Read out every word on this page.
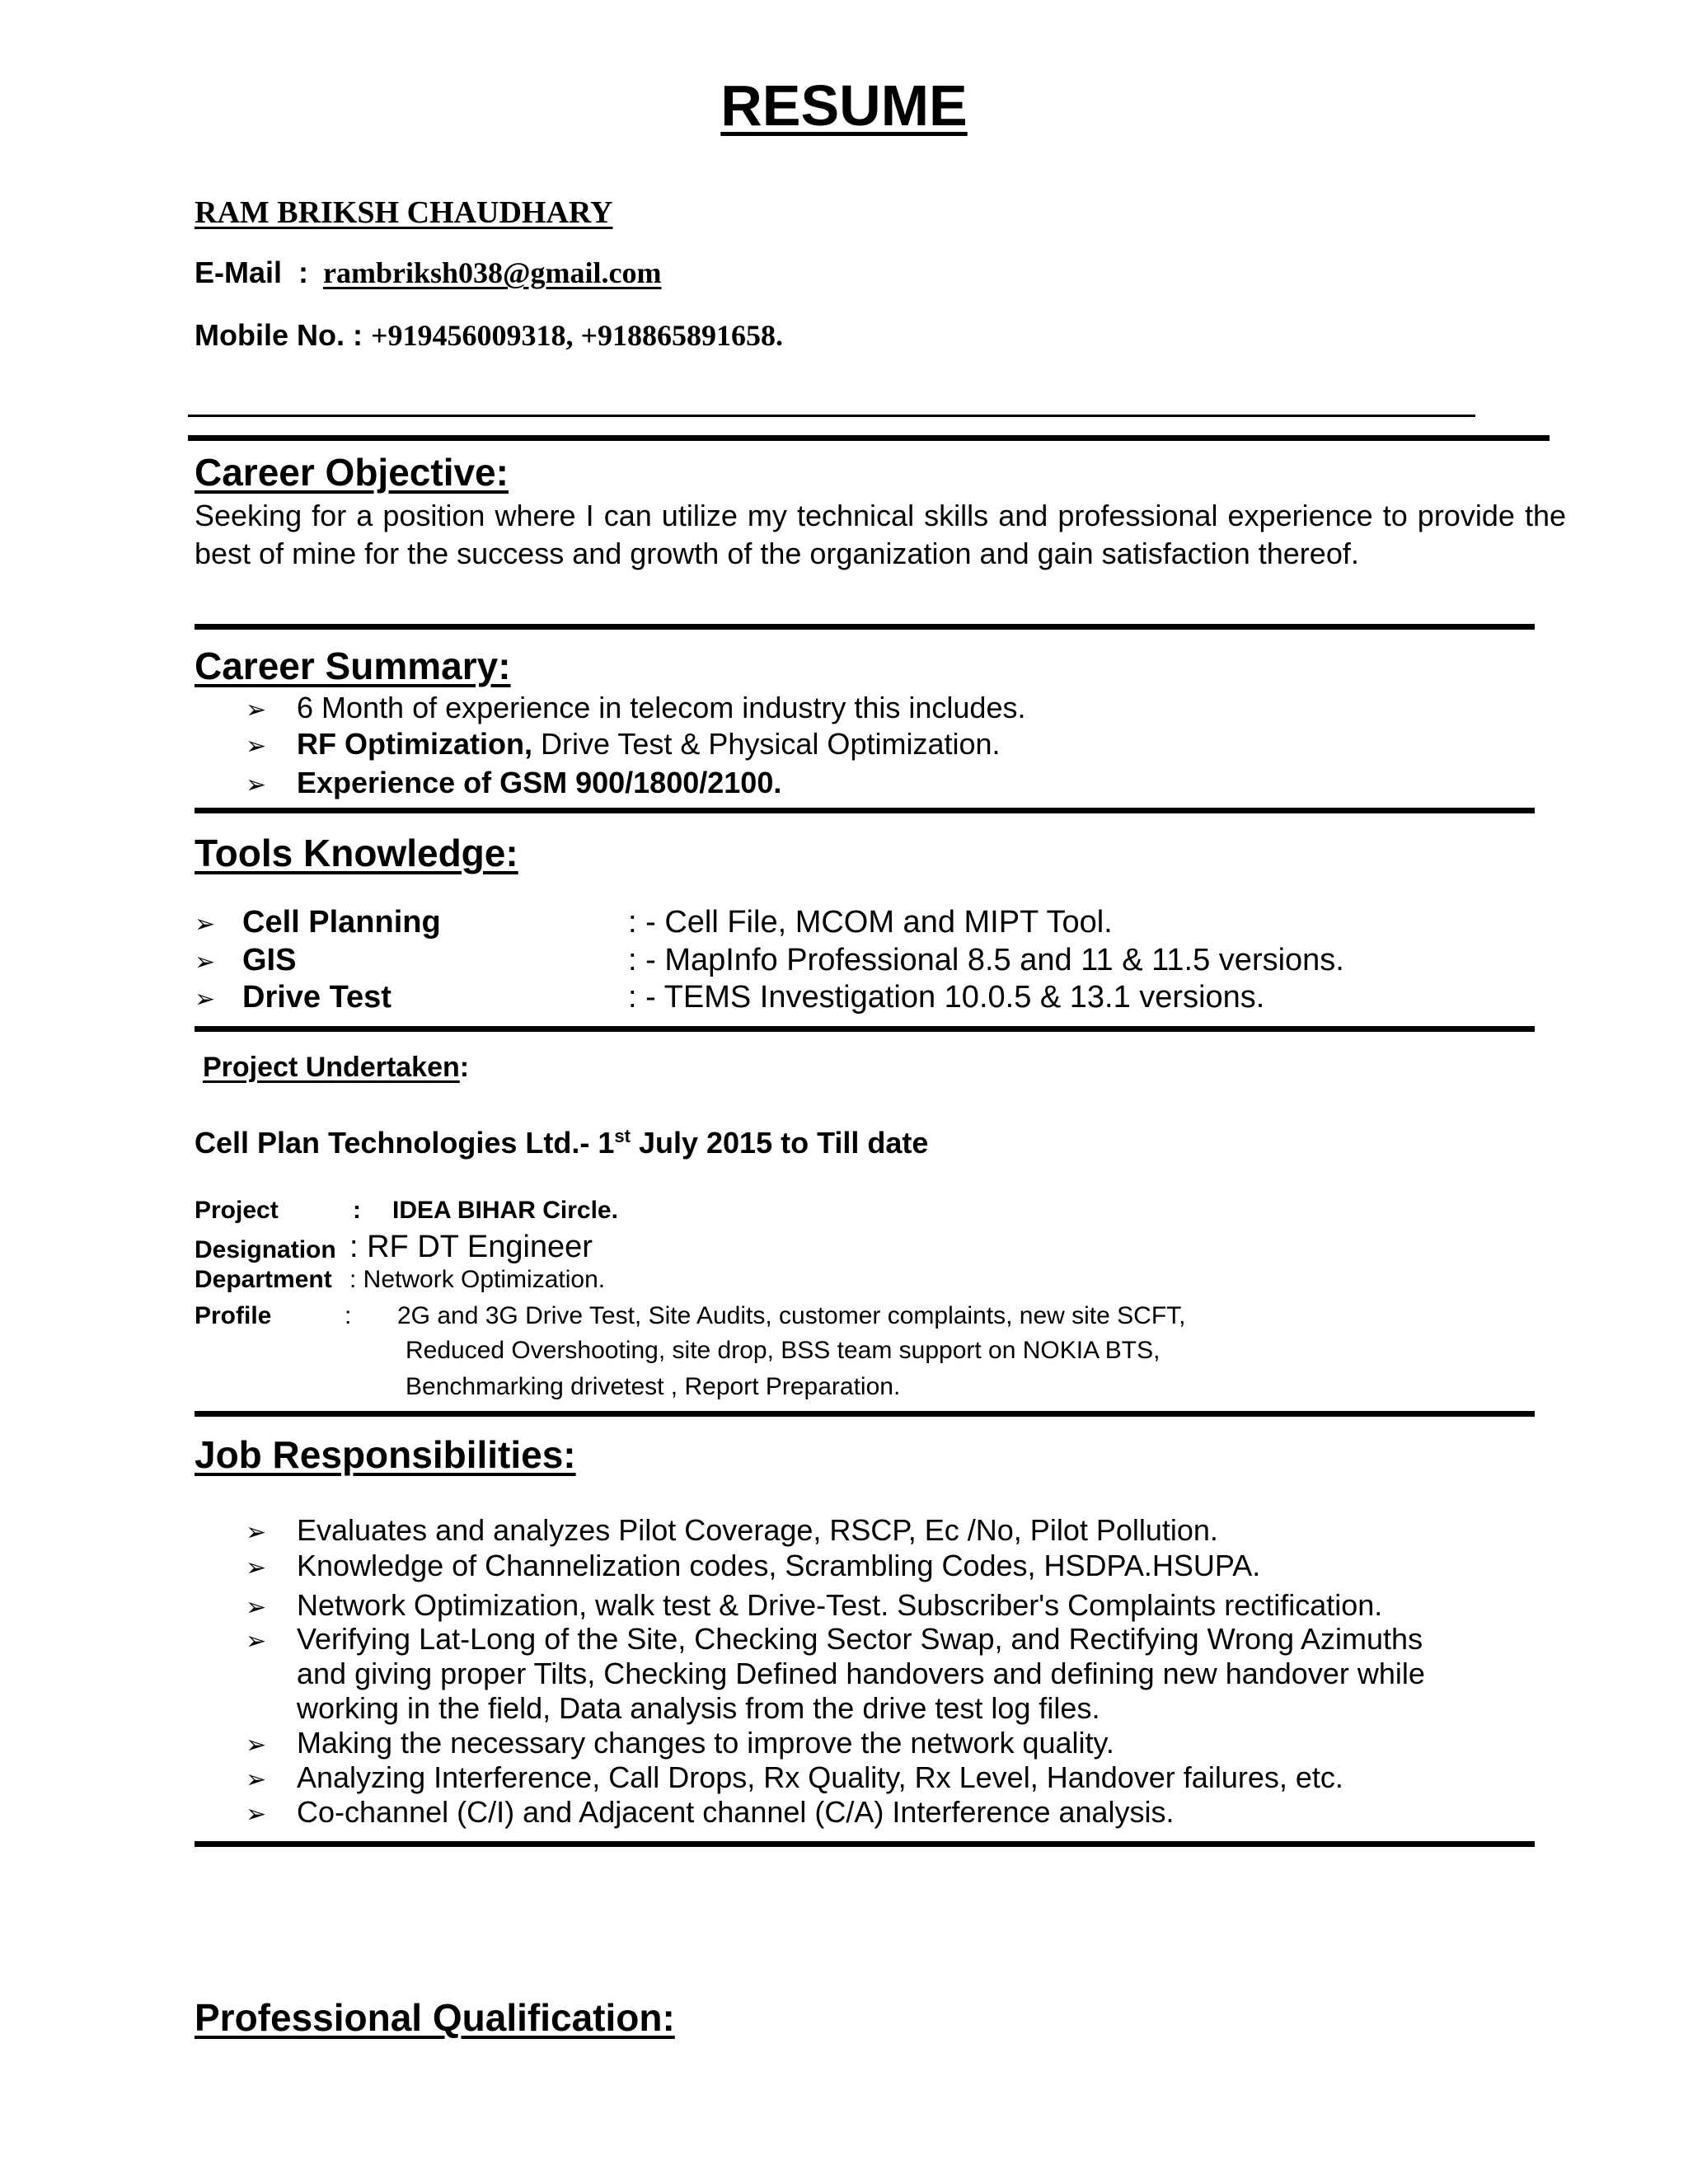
RESUME
RAM BRIKSH CHAUDHARY
E-Mail  : rambriksh038@gmail.com
Mobile No. : +919456009318, +918865891658.
Career Objective:
Seeking for a position where I can utilize my technical skills and professional experience to provide the best of mine for the success and growth of the organization and gain satisfaction thereof.
Career Summary:
➢ 6 Month of experience in telecom industry this includes.
➢ RF Optimization, Drive Test & Physical Optimization.
➢ Experience of GSM 900/1800/2100.
Tools Knowledge:
➢ Cell Planning	: - Cell File, MCOM and MIPT Tool.
➢ GIS	: - MapInfo Professional 8.5 and 11 & 11.5 versions.
➢ Drive Test	: - TEMS Investigation 10.0.5 & 13.1 versions.
Project Undertaken:
Cell Plan Technologies Ltd.- 1st July 2015 to Till date
Project	: IDEA BIHAR Circle.
Designation : RF DT Engineer
Department : Network Optimization.
Profile	: 2G and 3G Drive Test, Site Audits, customer complaints, new site SCFT,
Reduced Overshooting, site drop, BSS team support on NOKIA BTS,
Benchmarking drivetest , Report Preparation.
Job Responsibilities:
➢ Evaluates and analyzes Pilot Coverage, RSCP, Ec /No, Pilot Pollution.
➢ Knowledge of Channelization codes, Scrambling Codes, HSDPA.HSUPA.
➢ Network Optimization, walk test & Drive-Test. Subscriber's Complaints rectification.
➢ Verifying Lat-Long of the Site, Checking Sector Swap, and Rectifying Wrong Azimuths
and giving proper Tilts, Checking Defined handovers and defining new handover while
working in the field, Data analysis from the drive test log files.
➢ Making the necessary changes to improve the network quality.
➢ Analyzing Interference, Call Drops, Rx Quality, Rx Level, Handover failures, etc.
➢ Co-channel (C/I) and Adjacent channel (C/A) Interference analysis.
Professional Qualification:
